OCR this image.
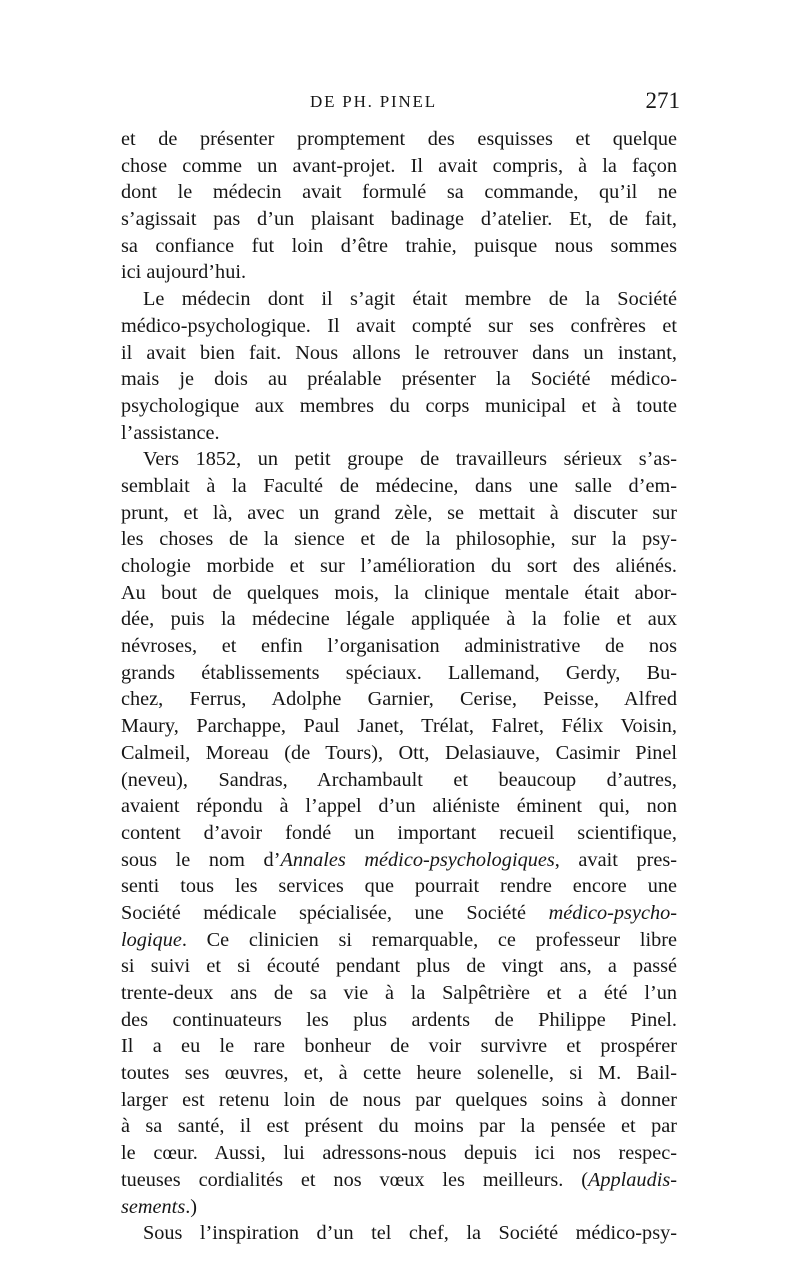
DE PH. PINEL	271
et de présenter promptement des esquisses et quelque
chose comme un avant-projet. Il avait compris, à la façon
dont le médecin avait formulé sa commande, qu’il ne
s’agissait pas d’un plaisant badinage d’atelier. Et, de fait,
sa confiance fut loin d’être trahie, puisque nous sommes
ici aujourd’hui.
Le médecin dont il s’agit était membre de la Société
médico-psychologique. Il avait compté sur ses confrères et
il avait bien fait. Nous allons le retrouver dans un instant,
mais je dois au préalable présenter la Société médico-
psychologique aux membres du corps municipal et à toute
l’assistance.
Vers 1852, un petit groupe de travailleurs sérieux s’as-
semblait à la Faculté de médecine, dans une salle d’em-
prunt, et là, avec un grand zèle, se mettait à discuter sur
les choses de la sience et de la philosophie, sur la psy-
chologie morbide et sur l’amélioration du sort des aliénés.
Au bout de quelques mois, la clinique mentale était abor-
dée, puis la médecine légale appliquée à la folie et aux
névroses, et enfin l’organisation administrative de nos
grands établissements spéciaux. Lallemand, Gerdy, Bu-
chez, Ferrus, Adolphe Garnier, Cerise, Peisse, Alfred
Maury, Parchappe, Paul Janet, Trélat, Falret, Félix Voisin,
Calmeil, Moreau (de Tours), Ott, Delasiauve, Casimir Pinel
(neveu), Sandras, Archambault et beaucoup d’autres,
avaient répondu à l’appel d’un aliéniste éminent qui, non
content d’avoir fondé un important recueil scientifique,
sous le nom d’Annales médico-psychologiques, avait pres-
senti tous les services que pourrait rendre encore une
Société médicale spécialisée, une Société médico-psycho-
logique. Ce clinicien si remarquable, ce professeur libre
si suivi et si écouté pendant plus de vingt ans, a passé
trente-deux ans de sa vie à la Salpêtrière et a été l’un
des continuateurs les plus ardents de Philippe Pinel.
Il a eu le rare bonheur de voir survivre et prospérer
toutes ses œuvres, et, à cette heure solenelle, si M. Bail-
larger est retenu loin de nous par quelques soins à donner
à sa santé, il est présent du moins par la pensée et par
le cœur. Aussi, lui adressons-nous depuis ici nos respec-
tueuses cordialités et nos vœux les meilleurs. (Applaudis-
sements.)
Sous l’inspiration d’un tel chef, la Société médico-psy-
